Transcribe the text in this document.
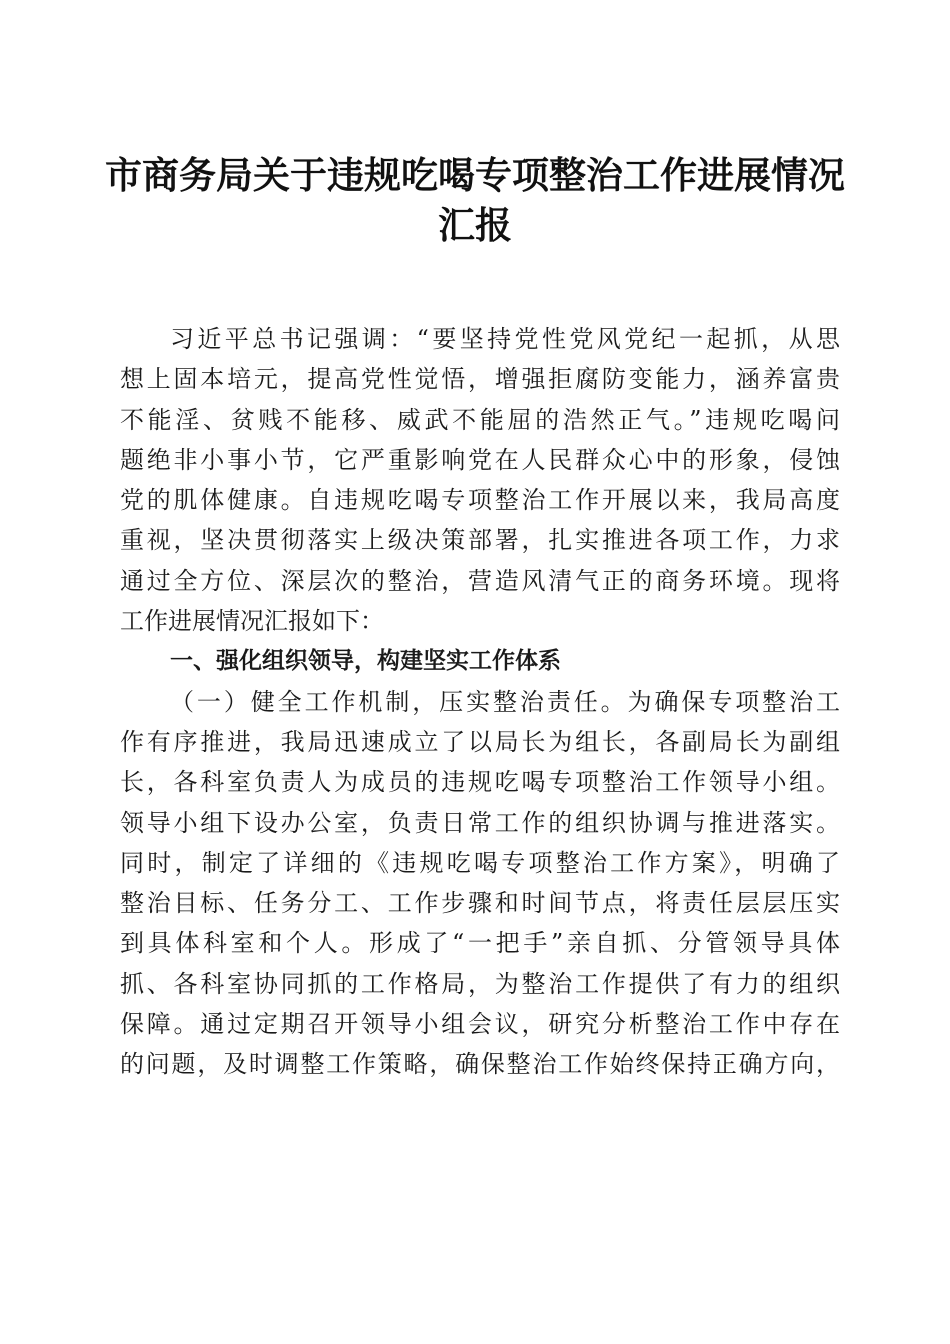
市商务局关于违规吃喝专项整治工作进展情况
汇报
习近平总书记强调：“要坚持党性党风党纪一起抓，从思
想上固本培元，提高党性觉悟，增强拒腐防变能力，涵养富贵
不能淫、贫贱不能移、威武不能屈的浩然正气。”违规吃喝问
题绝非小事小节，它严重影响党在人民群众心中的形象，侵蚀
党的肌体健康。自违规吃喝专项整治工作开展以来，我局高度
重视，坚决贯彻落实上级决策部署，扎实推进各项工作，力求
通过全方位、深层次的整治，营造风清气正的商务环境。现将
工作进展情况汇报如下：
一、强化组织领导，构建坚实工作体系
（一）健全工作机制，压实整治责任。为确保专项整治工
作有序推进，我局迅速成立了以局长为组长，各副局长为副组
长，各科室负责人为成员的违规吃喝专项整治工作领导小组。
领导小组下设办公室，负责日常工作的组织协调与推进落实。
同时，制定了详细的《违规吃喝专项整治工作方案》，明确了
整治目标、任务分工、工作步骤和时间节点，将责任层层压实
到具体科室和个人。形成了“一把手”亲自抓、分管领导具体
抓、各科室协同抓的工作格局，为整治工作提供了有力的组织
保障。通过定期召开领导小组会议，研究分析整治工作中存在
的问题，及时调整工作策略，确保整治工作始终保持正确方向，
